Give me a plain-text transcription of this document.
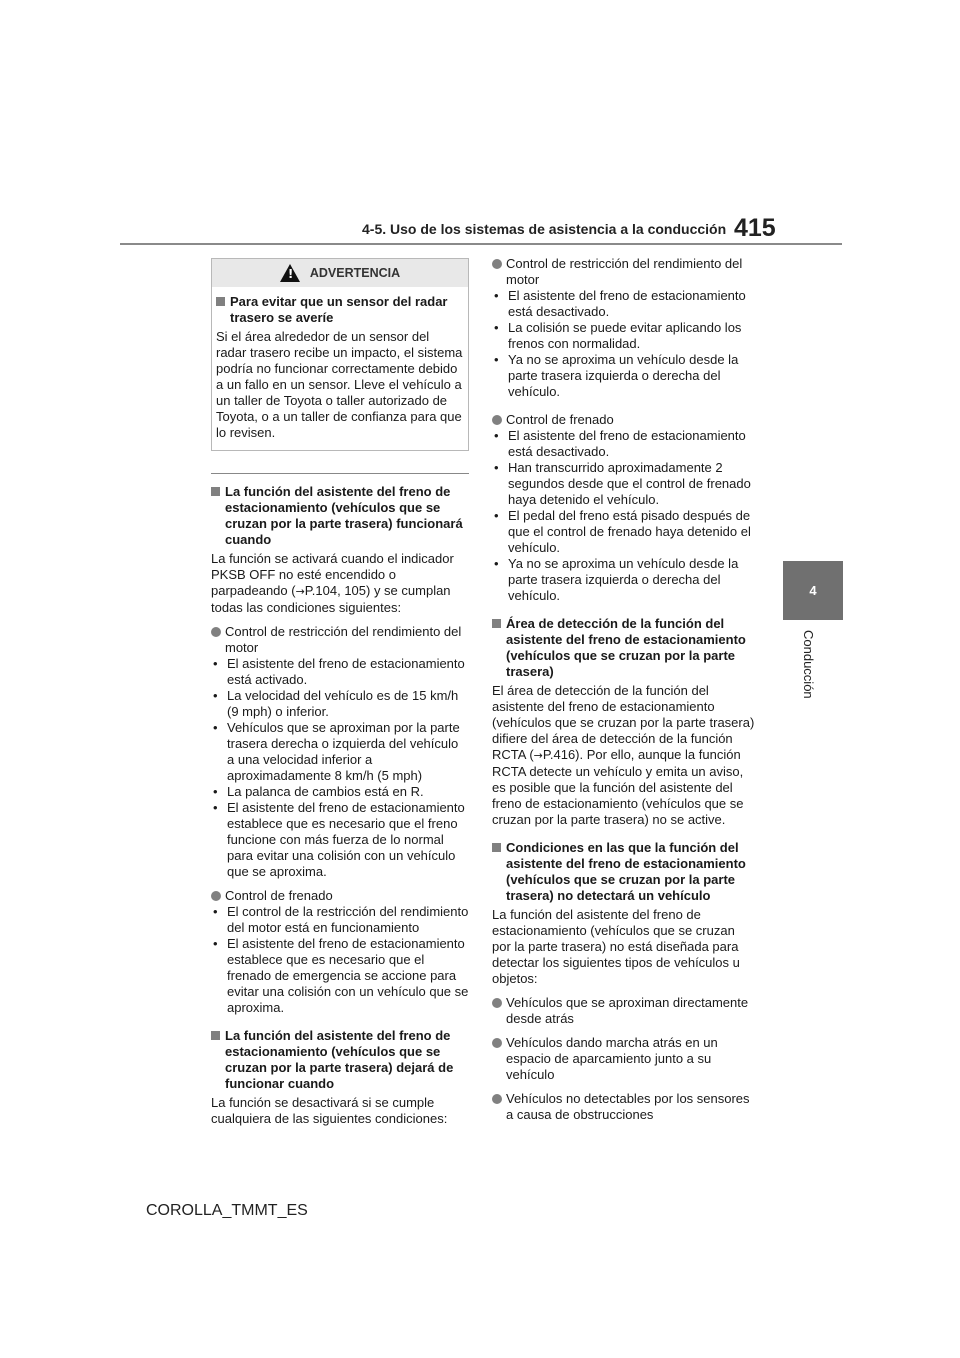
4-5. Uso de los sistemas de asistencia a la conducción 415
4
Conducción
!
ADVERTENCIA
Para evitar que un sensor del radar trasero se averíe
Si el área alrededor de un sensor del radar trasero recibe un impacto, el sistema podría no funcionar correctamente debido a un fallo en un sensor. Lleve el vehículo a un taller de Toyota o taller autorizado de Toyota, o a un taller de confianza para que lo revisen.
La función del asistente del freno de estacionamiento (vehículos que se cruzan por la parte trasera) funcionará cuando
La función se activará cuando el indicador PKSB OFF no esté encendido o parpadeando (→P.104, 105) y se cumplan todas las condiciones siguientes:
Control de restricción del rendimiento del motor
• El asistente del freno de estacionamiento está activado.
• La velocidad del vehículo es de 15 km/h (9 mph) o inferior.
• Vehículos que se aproximan por la parte trasera derecha o izquierda del vehículo a una velocidad inferior a aproximadamente 8 km/h (5 mph)
• La palanca de cambios está en R.
• El asistente del freno de estacionamiento establece que es necesario que el freno funcione con más fuerza de lo normal para evitar una colisión con un vehículo que se aproxima.
Control de frenado
• El control de la restricción del rendimiento del motor está en funcionamiento
• El asistente del freno de estacionamiento establece que es necesario que el frenado de emergencia se accione para evitar una colisión con un vehículo que se aproxima.
La función del asistente del freno de estacionamiento (vehículos que se cruzan por la parte trasera) dejará de funcionar cuando
La función se desactivará si se cumple cualquiera de las siguientes condiciones:
Control de restricción del rendimiento del motor
• El asistente del freno de estacionamiento está desactivado.
• La colisión se puede evitar aplicando los frenos con normalidad.
• Ya no se aproxima un vehículo desde la parte trasera izquierda o derecha del vehículo.
Control de frenado
• El asistente del freno de estacionamiento está desactivado.
• Han transcurrido aproximadamente 2 segundos desde que el control de frenado haya detenido el vehículo.
• El pedal del freno está pisado después de que el control de frenado haya detenido el vehículo.
• Ya no se aproxima un vehículo desde la parte trasera izquierda o derecha del vehículo.
Área de detección de la función del asistente del freno de estacionamiento (vehículos que se cruzan por la parte trasera)
El área de detección de la función del asistente del freno de estacionamiento (vehículos que se cruzan por la parte trasera) difiere del área de detección de la función RCTA (→P.416). Por ello, aunque la función RCTA detecte un vehículo y emita un aviso, es posible que la función del asistente del freno de estacionamiento (vehículos que se cruzan por la parte trasera) no se active.
Condiciones en las que la función del asistente del freno de estacionamiento (vehículos que se cruzan por la parte trasera) no detectará un vehículo
La función del asistente del freno de estacionamiento (vehículos que se cruzan por la parte trasera) no está diseñada para detectar los siguientes tipos de vehículos u objetos:
Vehículos que se aproximan directamente desde atrás
Vehículos dando marcha atrás en un espacio de aparcamiento junto a su vehículo
Vehículos no detectables por los sensores a causa de obstrucciones
COROLLA_TMMT_ES
